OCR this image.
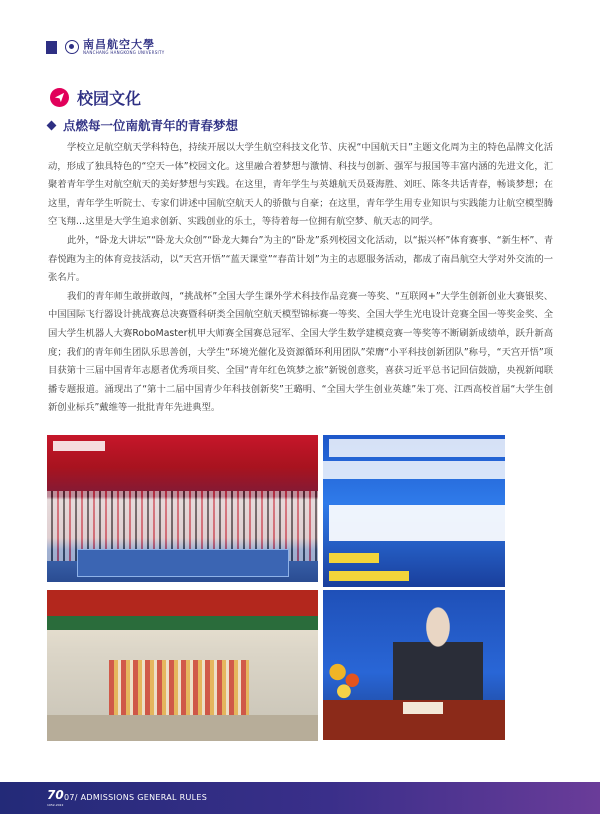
南昌航空大學
NANCHANG HANGKONG UNIVERSITY
校园文化
点燃每一位南航青年的青春梦想

学校立足航空航天学科特色，持续开展以大学生航空科技文化节、庆祝“中国航天日”主题文化周为主的特色品牌文化活动，形成了独具特色的“空天一体”校园文化。这里融合着梦想与激情、科技与创新、强军与报国等丰富内涵的先进文化，汇聚着青年学生对航空航天的美好梦想与实践。在这里，青年学生与英雄航天员聂海胜、刘旺、陈冬共话青春，畅谈梦想；在这里，青年学生听院士、专家们讲述中国航空航天人的骄傲与自豪；在这里，青年学生用专业知识与实践能力让航空模型腾空飞翔…这里是大学生追求创新、实践创业的乐土，等待着每一位拥有航空梦、航天志的同学。

此外，“卧龙大讲坛”“卧龙大众创”“卧龙大舞台”为主的“卧龙”系列校园文化活动，以“振兴杯”体育赛事、“新生杯”、青春悦跑为主的体育竞技活动，以“天宫开悟”“蓝天课堂”“春苗计划”为主的志愿服务活动，都成了南昌航空大学对外交流的一张名片。

我们的青年师生敢拼敢闯，“挑战杯”全国大学生课外学术科技作品竞赛一等奖、“互联网+”大学生创新创业大赛银奖、中国国际飞行器设计挑战赛总决赛暨科研类全国航空航天模型锦标赛一等奖、全国大学生光电设计竞赛全国一等奖金奖、全国大学生机器人大赛RoboMaster机甲大师赛全国赛总冠军、全国大学生数学建模竞赛一等奖等不断刷新成绩单，跃升新高度；我们的青年师生团队乐思善创，大学生“环境光催化及资源循环利用团队”荣膺“小平科技创新团队”称号，“天宫开悟”项目获第十三届中国青年志愿者优秀项目奖、全国“青年红色筑梦之旅”新锐创意奖，喜获习近平总书记回信鼓励，央视新闻联播专题报道。涌现出了“第十二届中国青少年科技创新奖”王璐明、“全国大学生创业英雄”朱丁亮、江西高校首届“大学生创新创业标兵”戴维等一批批青年先进典型。

70
1952-2022
07/ ADMISSIONS GENERAL RULES
